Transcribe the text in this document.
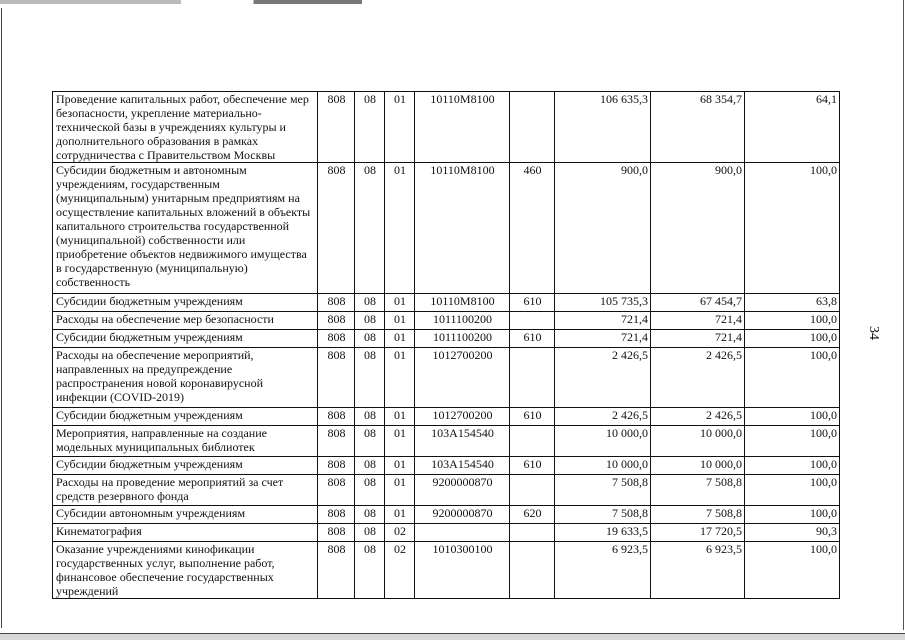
34
Проведение капитальных работ, обеспечение мер безопасности, укрепление материально-технической базы в учреждениях культуры и дополнительного образования в рамках сотрудничества с Правительством Москвы	808	08	01	10110М8100		106 635,3	68 354,7	64,1
Субсидии бюджетным и автономным учреждениям, государственным (муниципальным) унитарным предприятиям на осуществление капитальных вложений в объекты капитального строительства государственной (муниципальной) собственности или приобретение объектов недвижимого имущества в государственную (муниципальную) собственность	808	08	01	10110М8100	460	900,0	900,0	100,0
Субсидии бюджетным учреждениям	808	08	01	10110М8100	610	105 735,3	67 454,7	63,8
Расходы на обеспечение мер безопасности	808	08	01	1011100200		721,4	721,4	100,0
Субсидии бюджетным учреждениям	808	08	01	1011100200	610	721,4	721,4	100,0
Расходы на обеспечение мероприятий, направленных на предупреждение распространения новой коронавирусной инфекции (COVID-2019)	808	08	01	1012700200		2 426,5	2 426,5	100,0
Субсидии бюджетным учреждениям	808	08	01	1012700200	610	2 426,5	2 426,5	100,0
Мероприятия, направленные на создание модельных муниципальных библиотек	808	08	01	103А154540		10 000,0	10 000,0	100,0
Субсидии бюджетным учреждениям	808	08	01	103А154540	610	10 000,0	10 000,0	100,0
Расходы на проведение мероприятий за счет средств резервного фонда	808	08	01	9200000870		7 508,8	7 508,8	100,0
Субсидии автономным учреждениям	808	08	01	9200000870	620	7 508,8	7 508,8	100,0
Кинематография	808	08	02			19 633,5	17 720,5	90,3
Оказание учреждениями кинофикации государственных услуг, выполнение работ, финансовое обеспечение государственных учреждений	808	08	02	1010300100		6 923,5	6 923,5	100,0
